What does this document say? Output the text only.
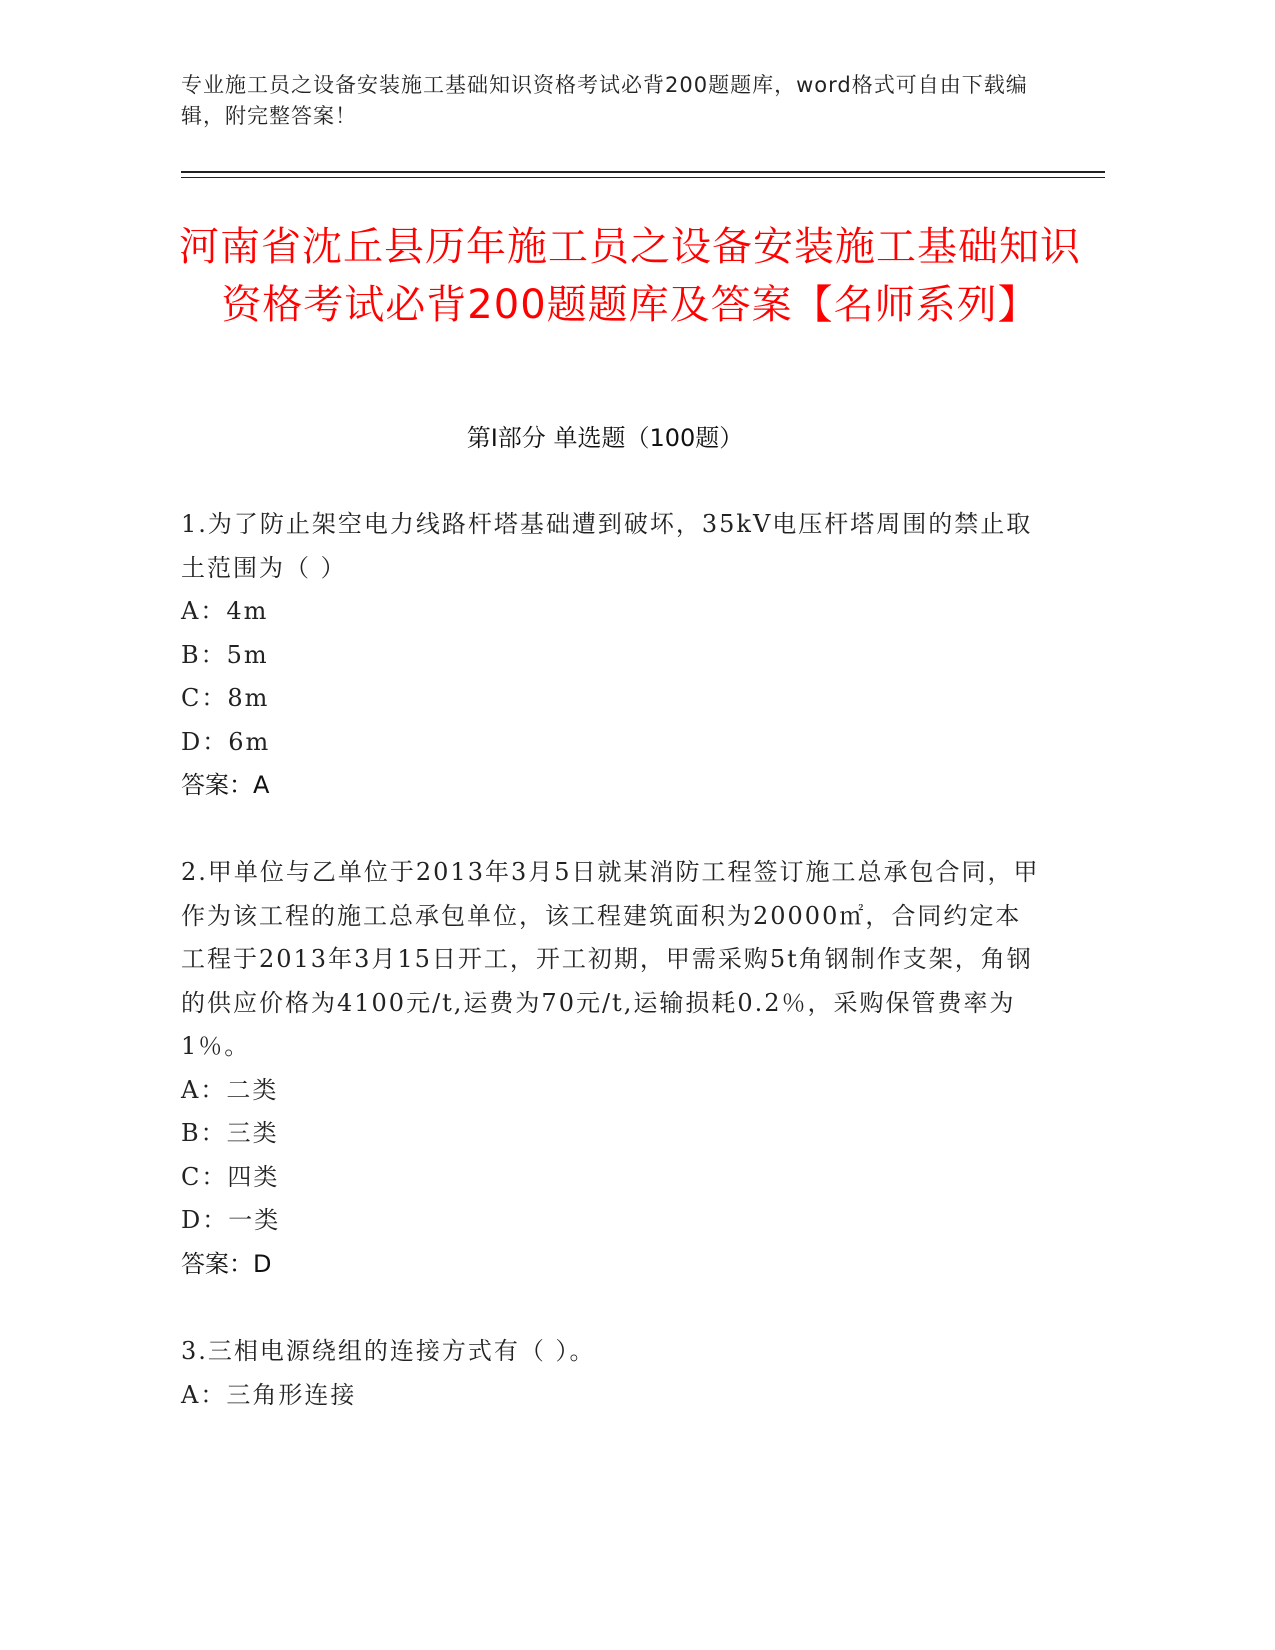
专业施工员之设备安装施工基础知识资格考试必背200题题库，word格式可自由下载编辑，附完整答案！
河南省沈丘县历年施工员之设备安装施工基础知识资格考试必背200题题库及答案【名师系列】
第Ⅰ部分 单选题（100题）

1.为了防止架空电力线路杆塔基础遭到破坏，35kV电压杆塔周围的禁止取土范围为（ ）

A：4m

B：5m

C：8m

D：6m

答案：A

2.甲单位与乙单位于2013年3月5日就某消防工程签订施工总承包合同，甲作为该工程的施工总承包单位，该工程建筑面积为20000㎡，合同约定本工程于2013年3月15日开工，开工初期，甲需采购5t角钢制作支架，角钢的供应价格为4100元/t,运费为70元/t,运输损耗0.2％，采购保管费率为1％。

A：二类

B：三类

C：四类

D：一类

答案：D

3.三相电源绕组的连接方式有（ ）。

A：三角形连接
